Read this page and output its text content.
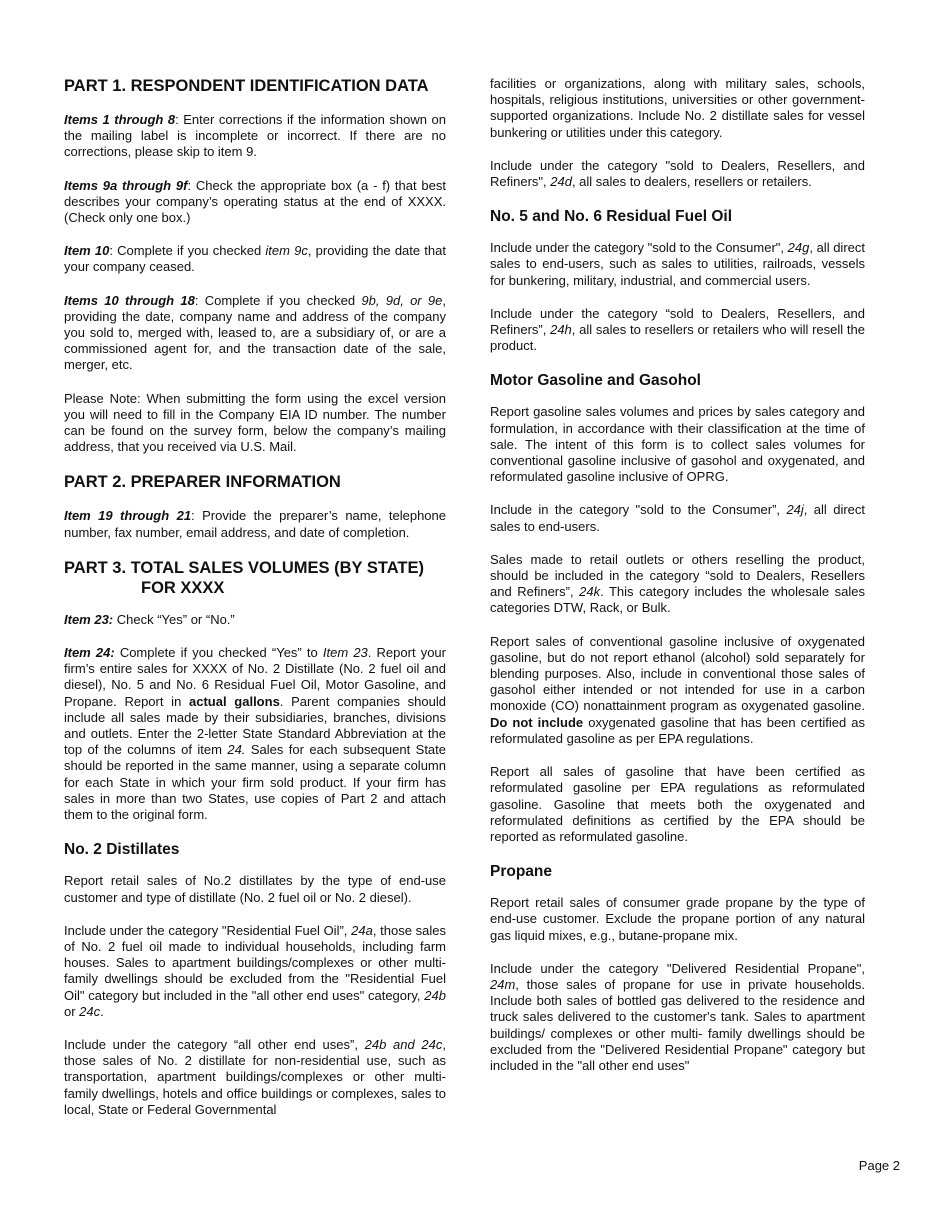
PART 1. RESPONDENT IDENTIFICATION DATA

Items 1 through 8: Enter corrections if the information shown on the mailing label is incomplete or incorrect. If there are no corrections, please skip to item 9.

Items 9a through 9f: Check the appropriate box (a - f) that best describes your company’s operating status at the end of XXXX. (Check only one box.)

Item 10: Complete if you checked item 9c, providing the date that your company ceased.

Items 10 through 18: Complete if you checked 9b, 9d, or 9e, providing the date, company name and address of the company you sold to, merged with, leased to, are a subsidiary of, or are a commissioned agent for, and the transaction date of the sale, merger, etc.

Please Note: When submitting the form using the excel version you will need to fill in the Company EIA ID number. The number can be found on the survey form, below the company’s mailing address, that you received via U.S. Mail.

PART 2. PREPARER INFORMATION

Item 19 through 21: Provide the preparer’s name, telephone number, fax number, email address, and date of completion.

PART 3. TOTAL SALES VOLUMES (BY STATE)
FOR XXXX

Item 23: Check “Yes” or “No.”

Item 24: Complete if you checked “Yes” to Item 23. Report your firm’s entire sales for XXXX of No. 2 Distillate (No. 2 fuel oil and diesel), No. 5 and No. 6 Residual Fuel Oil, Motor Gasoline, and Propane. Report in actual gallons. Parent companies should include all sales made by their subsidiaries, branches, divisions and outlets. Enter the 2-letter State Standard Abbreviation at the top of the columns of item 24. Sales for each subsequent State should be reported in the same manner, using a separate column for each State in which your firm sold product. If your firm has sales in more than two States, use copies of Part 2 and attach them to the original form.

No. 2 Distillates

Report retail sales of No.2 distillates by the type of end-use customer and type of distillate (No. 2 fuel oil or No. 2 diesel).

Include under the category "Residential Fuel Oil”, 24a, those sales of No. 2 fuel oil made to individual households, including farm houses. Sales to apartment buildings/complexes or other multi-family dwellings should be excluded from the "Residential Fuel Oil" category but included in the "all other end uses" category, 24b or 24c.

Include under the category “all other end uses”, 24b and 24c, those sales of No. 2 distillate for non-residential use, such as transportation, apartment buildings/complexes or other multi-family dwellings, hotels and office buildings or complexes, sales to local, State or Federal Governmental

facilities or organizations, along with military sales, schools, hospitals, religious institutions, universities or other government- supported organizations. Include No. 2 distillate sales for vessel bunkering or utilities under this category.

Include under the category "sold to Dealers, Resellers, and Refiners", 24d, all sales to dealers, resellers or retailers.

No. 5 and No. 6 Residual Fuel Oil

Include under the category "sold to the Consumer", 24g, all direct sales to end-users, such as sales to utilities, railroads, vessels for bunkering, military, industrial, and commercial users.

Include under the category “sold to Dealers, Resellers, and Refiners”, 24h, all sales to resellers or retailers who will resell the product.

Motor Gasoline and Gasohol

Report gasoline sales volumes and prices by sales category and formulation, in accordance with their classification at the time of sale. The intent of this form is to collect sales volumes for conventional gasoline inclusive of gasohol and oxygenated, and reformulated gasoline inclusive of OPRG.

Include in the category "sold to the Consumer”, 24j, all direct sales to end-users.

Sales made to retail outlets or others reselling the product, should be included in the category “sold to Dealers, Resellers and Refiners”, 24k. This category includes the wholesale sales categories DTW, Rack, or Bulk.

Report sales of conventional gasoline inclusive of oxygenated gasoline, but do not report ethanol (alcohol) sold separately for blending purposes. Also, include in conventional those sales of gasohol either intended or not intended for use in a carbon monoxide (CO) nonattainment program as oxygenated gasoline. Do not include oxygenated gasoline that has been certified as reformulated gasoline as per EPA regulations.

Report all sales of gasoline that have been certified as reformulated gasoline per EPA regulations as reformulated gasoline. Gasoline that meets both the oxygenated and reformulated definitions as certified by the EPA should be reported as reformulated gasoline.

Propane

Report retail sales of consumer grade propane by the type of end-use customer. Exclude the propane portion of any natural gas liquid mixes, e.g., butane-propane mix.

Include under the category "Delivered Residential Propane", 24m, those sales of propane for use in private households. Include both sales of bottled gas delivered to the residence and truck sales delivered to the customer's tank. Sales to apartment buildings/ complexes or other multi- family dwellings should be excluded from the "Delivered Residential Propane" category but included in the "all other end uses"

Page 2
